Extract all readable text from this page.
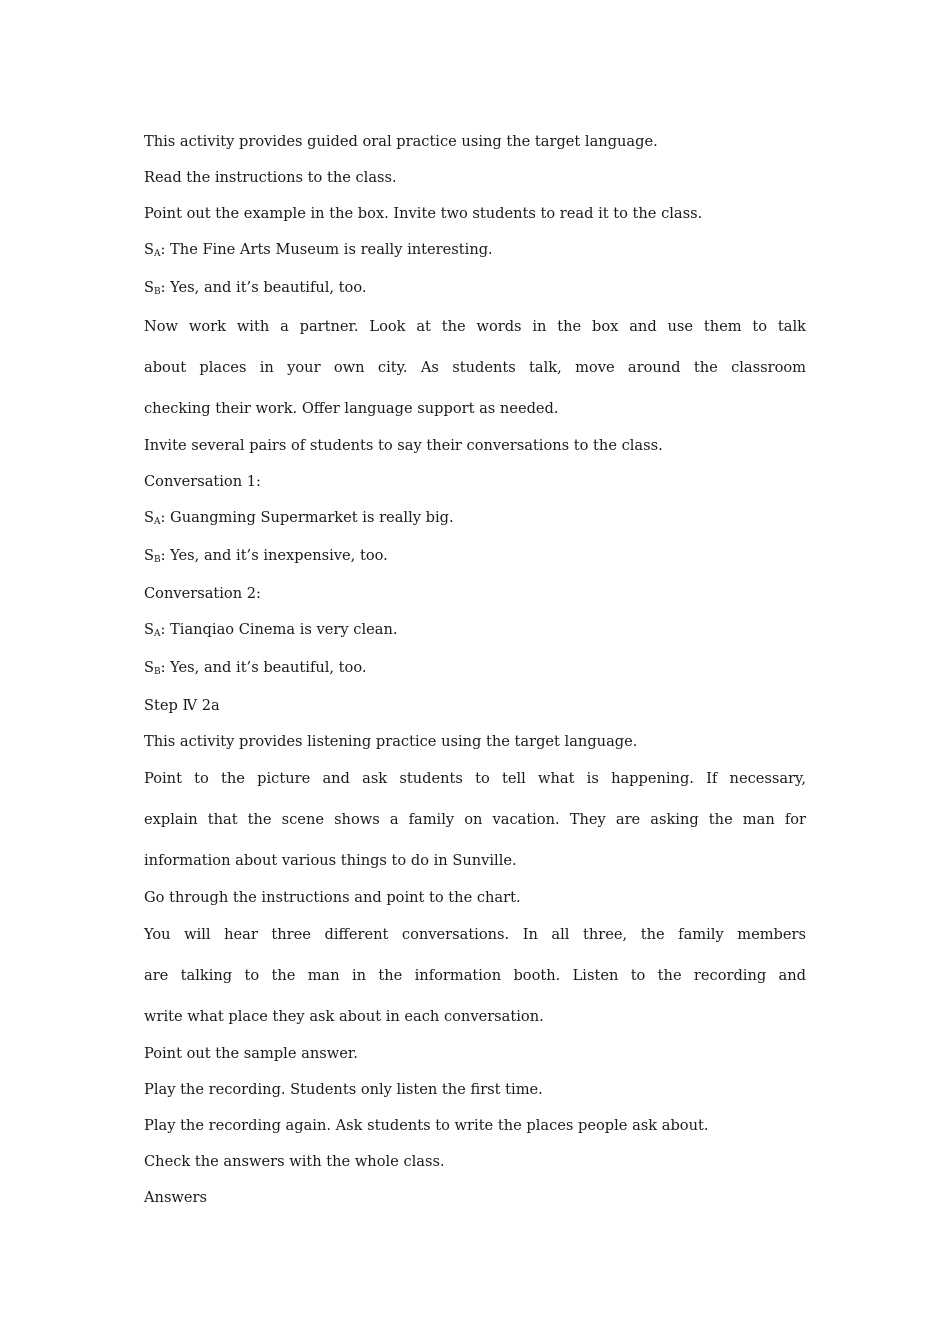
This activity provides guided oral practice using the target language.

Read the instructions to the class.

Point out the example in the box. Invite two students to read it to the class.

$S_A$: The Fine Arts Museum is really interesting.

$S_B$: Yes, and it’s beautiful, too.

Now work with a partner. Look at the words in the box and use them to talk
about places in your own city. As students talk, move around the classroom
checking their work. Offer language support as needed.

Invite several pairs of students to say their conversations to the class.

Conversation 1:

$S_A$: Guangming Supermarket is really big.

$S_B$: Yes, and it’s inexpensive, too.

Conversation 2:

$S_A$: Tianqiao Cinema is very clean.

$S_B$: Yes, and it’s beautiful, too.

Step Ⅳ 2a

This activity provides listening practice using the target language.

Point to the picture and ask students to tell what is happening. If necessary,
explain that the scene shows a family on vacation. They are asking the man for
information about various things to do in Sunville.

Go through the instructions and point to the chart.

You will hear three different conversations. In all three, the family members
are talking to the man in the information booth. Listen to the recording and
write what place they ask about in each conversation.

Point out the sample answer.

Play the recording. Students only listen the first time.

Play the recording again. Ask students to write the places people ask about.

Check the answers with the whole class.

Answers
